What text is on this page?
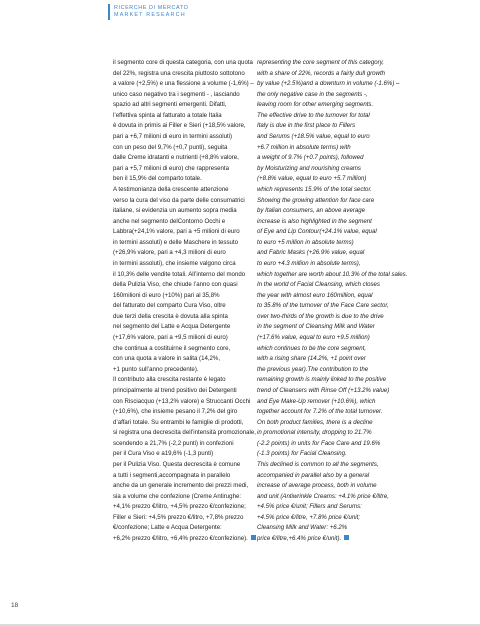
RICERCHE DI MERCATO
MARKET RESEARCH
il segmento core di questa categoria, con una quota
del 22%, registra una crescita piuttosto sottotono
a valore (+2,5%) e una flessione a volume (-1,6%) –
unico caso negativo tra i segmenti - , lasciando
spazio ad altri segmenti emergenti. Difatti,
l’effettiva spinta al fatturato a totale Italia
è dovuta in primis ai Filler e Sieri (+18,5% valore,
pari a +6,7 milioni di euro in termini assoluti)
con un peso del 9,7% (+0,7 punti), seguita
dalle Creme idratanti e nutrienti (+8,8% valore,
pari a +5,7 milioni di euro) che rappresenta
ben il 15,9% del comparto totale.
A testimonianza della crescente attenzione
verso la cura del viso da parte delle consumatrici
italiane, si evidenzia un aumento sopra media
anche nel segmento delContorno Occhi e
Labbra(+24,1% valore, pari a +5 milioni di euro
in termini assoluti) e delle Maschere in tessuto
(+26,9% valore, pari a +4,3 milioni di euro
in termini assoluti), che insieme valgono circa
il 10,3% delle vendite totali. All’interno del mondo
della Pulizia Viso, che chiude l’anno con quasi
160milioni di euro (+10%) pari al 35,8%
del fatturato del comparto Cura Viso, oltre
due terzi della crescita è dovuta alla spinta
nel segmento del Latte e Acqua Detergente
(+17,6% valore, pari a +9,5 milioni di euro)
che continua a costituirne il segmento core,
con una quota a valore in salita (14,2%,
+1 punto sull’anno precedente).
Il contributo alla crescita restante è legato
principalmente al trend positivo dei Detergenti
con Risciacquo (+13,2% valore) e Struccanti Occhi
(+10,6%), che insieme pesano il 7,2% del giro
d’affari totale. Su entrambi le famiglie di prodotti,
si registra una decrescita dell’intensità promozionale,
scendendo a 21,7% (-2,2 punti) in confezioni
per il Cura Viso e a19,6% (-1,3 punti)
per il Pulizia Viso. Questa decrescita è comune
a tutti i segmenti,accompagnata in parallelo
anche da un generale incremento dei prezzi medi,
sia a volume che confezione (Creme Antirughe:
+4,1% prezzo €/litro, +4,5% prezzo €/confezione;
Filler e Sieri: +4,5% prezzo €/litro, +7,8% prezzo
€/confezione; Latte e Acqua Detergente:
+6,2% prezzo €/litro, +6,4% prezzo €/confezione).
representing the core segment of this category,
with a share of 22%, records a fairly dull growth
by value (+2.5%)and a downturn in volume (-1.6%) –
the only negative case in the segments -,
leaving room for other emerging segments.
The effective drive to the turnover for total
Italy is due in the first place to Fillers
and Serums (+18.5% value, equal to euro
+6.7 million in absolute terms) with
a weight of 9.7% (+0.7 points), followed
by Moisturizing and nourishing creams
(+8.8% value, equal to euro +5.7 million)
which represents 15.9% of the total sector.
Showing the growing attention for face care
by Italian consumers, an above average
increase is also highlighted in the segment
of Eye and Lip Contour(+24.1% value, equal
to euro +5 million in absolute terms)
and Fabric Masks (+26.9% value, equal
to euro +4.3 million in absolute terms),
which together are worth about 10.3% of the total sales.
In the world of Facial Cleansing, which closes
the year with almost euro 160million, equal
to 35.8% of the turnover of the Face Care sector,
over two-thirds of the growth is due to the drive
in the segment of Cleansing Milk and Water
(+17.6% value, equal to euro +9.5 million)
which continues to be the core segment,
with a rising share (14.2%, +1 point over
the previous year).The contribution to the
remaining growth is mainly linked to the positive
trend of Cleansers with Rinse Off (+13.2% value)
and Eye Make-Up remover (+10.6%), which
together account for 7.2% of the total turnover.
On both product families, there is a decline
in promotional intensity, dropping to 21.7%
(-2.2 points) in units for Face Care and 19.6%
(-1.3 points) for Facial Cleansing.
This declined is common to all the segments,
accompanied in parallel also by a general
increase of average process, both in volume
and unit (Antiwrinkle Creams: +4.1% price €/litre,
+4.5% price €/unit; Fillers and Serums:
+4.5% price €/litre, +7.8% price €/unit;
Cleansing Milk and Water: +6.2%
price €/litre,+6.4% price €/unit).
18
